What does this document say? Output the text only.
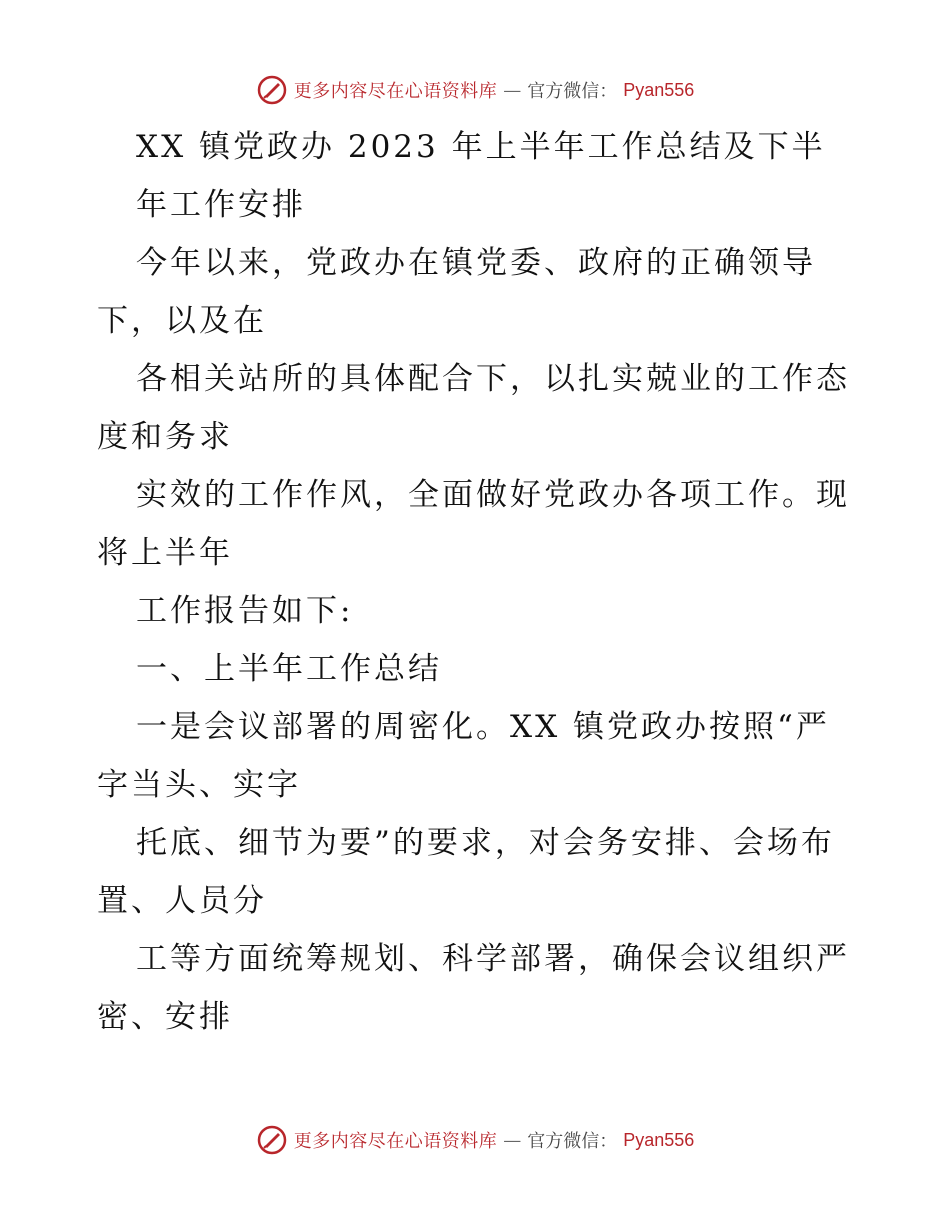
更多内容尽在心语资料库 — 官方微信： Pyan556
XX 镇党政办 2023 年上半年工作总结及下半
年工作安排
今年以来，党政办在镇党委、政府的正确领导
下，以及在
各相关站所的具体配合下，以扎实兢业的工作态
度和务求
实效的工作作风，全面做好党政办各项工作。现
将上半年
工作报告如下:
一、上半年工作总结
一是会议部署的周密化。XX 镇党政办按照“严
字当头、实字
托底、细节为要”的要求，对会务安排、会场布
置、人员分
工等方面统筹规划、科学部署，确保会议组织严
密、安排
更多内容尽在心语资料库 — 官方微信： Pyan556
